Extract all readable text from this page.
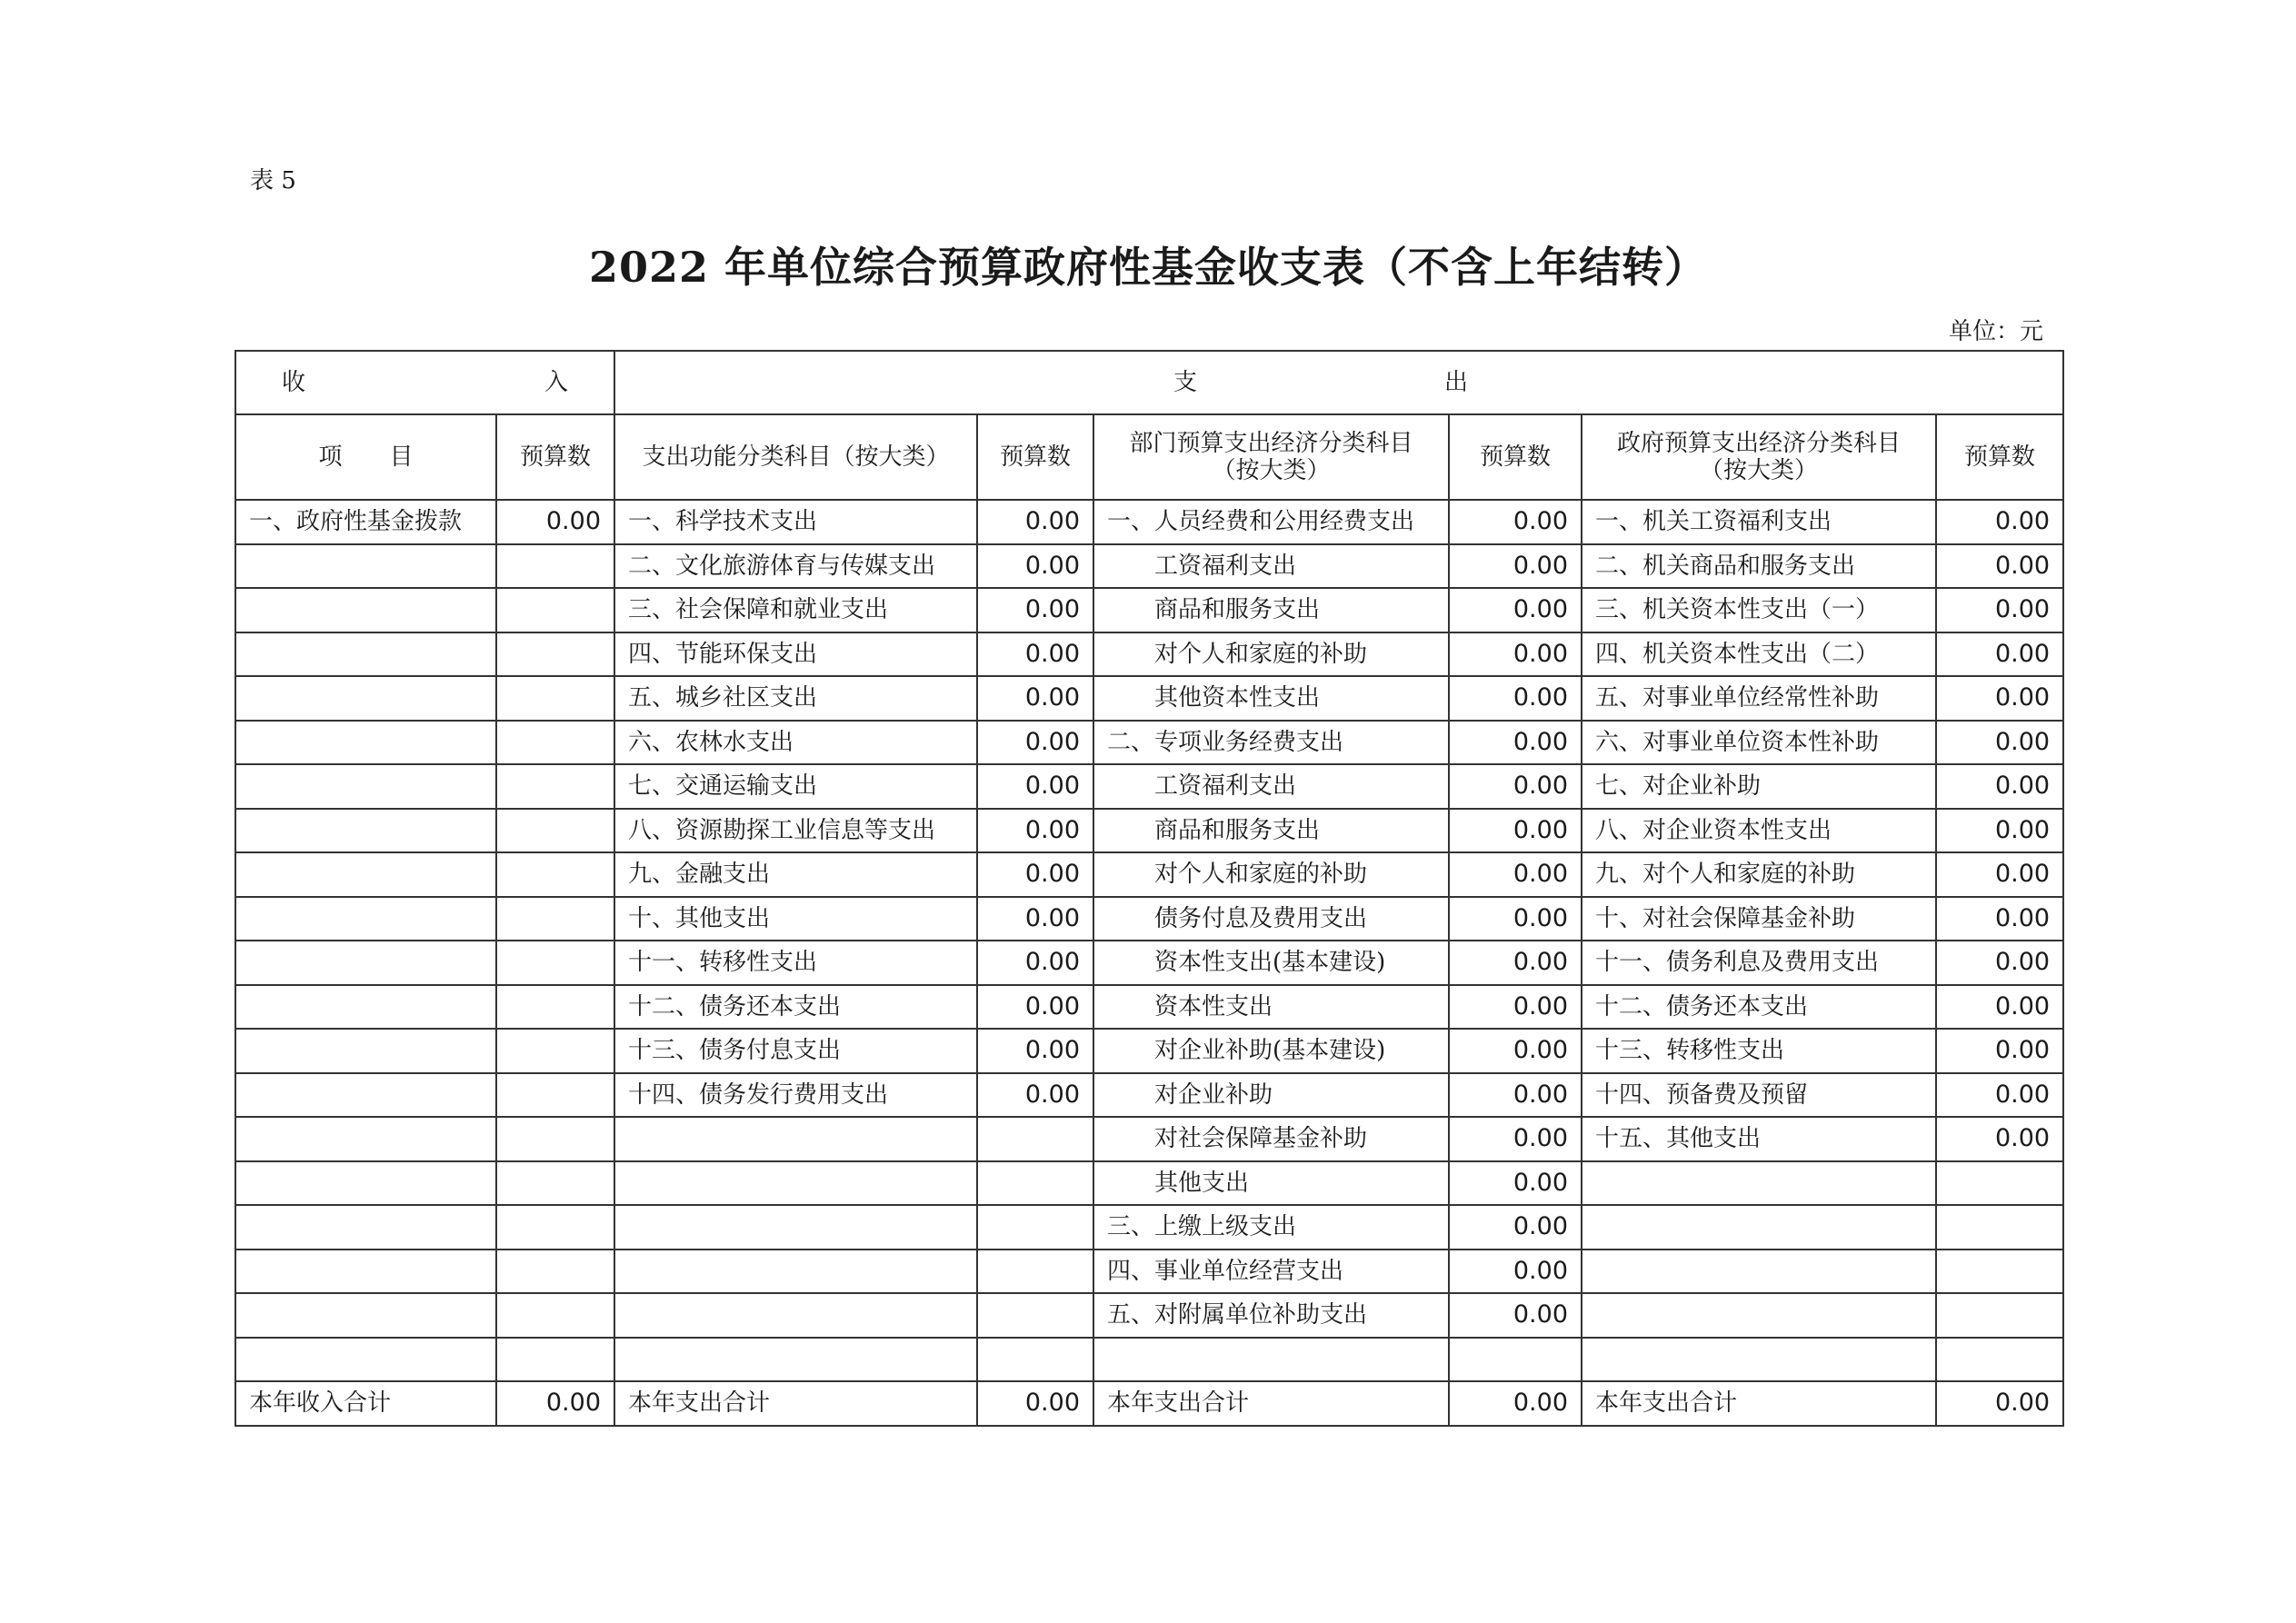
表 5
2022 年单位综合预算政府性基金收支表（不含上年结转）
单位：元
收 入		支 出					

项　　目	预算数	支出功能分类科目（按大类）	预算数	部门预算支出经济分类科目（按大类）	预算数	政府预算支出经济分类科目（按大类）	预算数
一、政府性基金拨款	0.00	一、科学技术支出	0.00	一、人员经费和公用经费支出	0.00	一、机关工资福利支出	0.00
		二、文化旅游体育与传媒支出	0.00	工资福利支出	0.00	二、机关商品和服务支出	0.00
		三、社会保障和就业支出	0.00	商品和服务支出	0.00	三、机关资本性支出（一）	0.00
		四、节能环保支出	0.00	对个人和家庭的补助	0.00	四、机关资本性支出（二）	0.00
		五、城乡社区支出	0.00	其他资本性支出	0.00	五、对事业单位经常性补助	0.00
		六、农林水支出	0.00	二、专项业务经费支出	0.00	六、对事业单位资本性补助	0.00
		七、交通运输支出	0.00	工资福利支出	0.00	七、对企业补助	0.00
		八、资源勘探工业信息等支出	0.00	商品和服务支出	0.00	八、对企业资本性支出	0.00
		九、金融支出	0.00	对个人和家庭的补助	0.00	九、对个人和家庭的补助	0.00
		十、其他支出	0.00	债务付息及费用支出	0.00	十、对社会保障基金补助	0.00
		十一、转移性支出	0.00	资本性支出(基本建设)	0.00	十一、债务利息及费用支出	0.00
		十二、债务还本支出	0.00	资本性支出	0.00	十二、债务还本支出	0.00
		十三、债务付息支出	0.00	对企业补助(基本建设)	0.00	十三、转移性支出	0.00
		十四、债务发行费用支出	0.00	对企业补助	0.00	十四、预备费及预留	0.00
				对社会保障基金补助	0.00	十五、其他支出	0.00
				其他支出	0.00		
				三、上缴上级支出	0.00		
				四、事业单位经营支出	0.00		
				五、对附属单位补助支出	0.00		

本年收入合计	0.00	本年支出合计	0.00	本年支出合计	0.00	本年支出合计	0.00
